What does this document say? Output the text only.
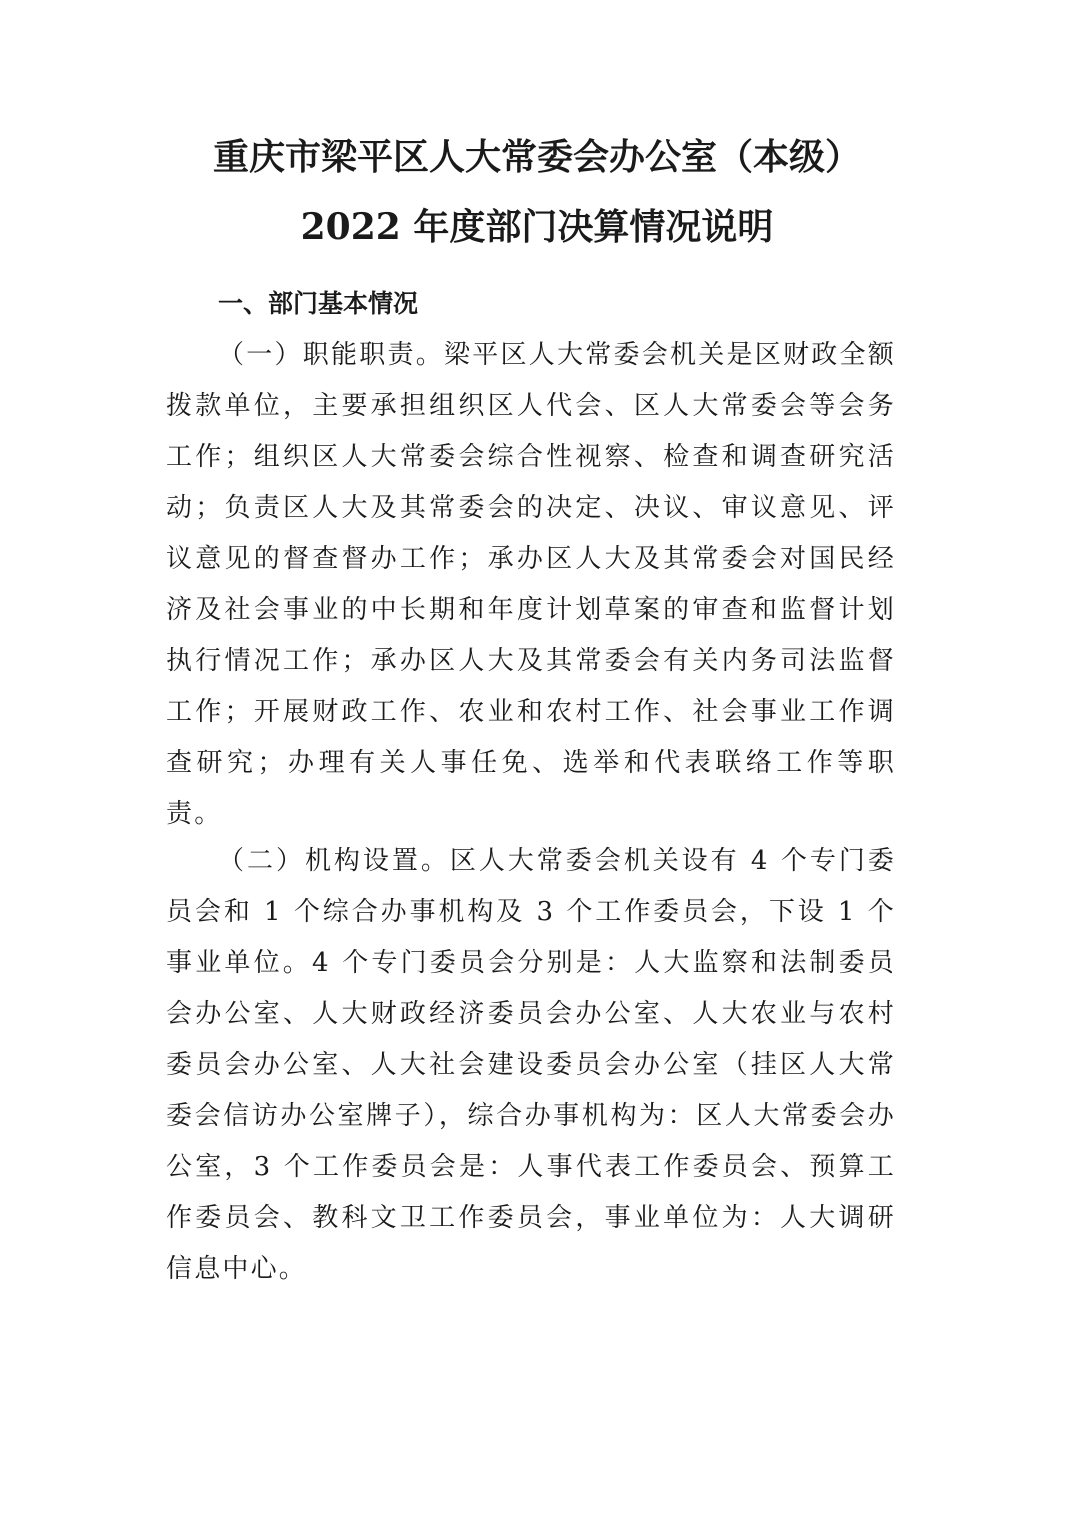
重庆市梁平区人大常委会办公室（本级）
2022 年度部门决算情况说明
一、部门基本情况

（一）职能职责。梁平区人大常委会机关是区财政全额拨款单位，主要承担组织区人代会、区人大常委会等会务工作；组织区人大常委会综合性视察、检查和调查研究活动；负责区人大及其常委会的决定、决议、审议意见、评议意见的督查督办工作；承办区人大及其常委会对国民经济及社会事业的中长期和年度计划草案的审查和监督计划执行情况工作；承办区人大及其常委会有关内务司法监督工作；开展财政工作、农业和农村工作、社会事业工作调查研究；办理有关人事任免、选举和代表联络工作等职责。

（二）机构设置。区人大常委会机关设有 4 个专门委员会和 1 个综合办事机构及 3 个工作委员会，下设 1 个事业单位。4 个专门委员会分别是：人大监察和法制委员会办公室、人大财政经济委员会办公室、人大农业与农村委员会办公室、人大社会建设委员会办公室（挂区人大常委会信访办公室牌子），综合办事机构为：区人大常委会办公室，3 个工作委员会是：人事代表工作委员会、预算工作委员会、教科文卫工作委员会，事业单位为：人大调研信息中心。
